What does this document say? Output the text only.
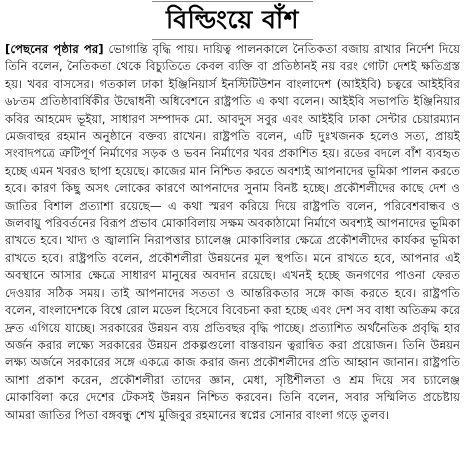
বিল্ডিংয়ে বাঁশ

[পেছনের পৃষ্ঠার পর] ভোগান্তি বৃদ্ধি পায়। দায়িত্ব পালনকালে নৈতিকতা বজায় রাখার নির্দেশ দিয়ে তিনি বলেন, নৈতিকতা থেকে বিচ্যুতিতে কেবল ব্যক্তি বা প্রতিষ্ঠানই নয় বরং গোটা দেশই ক্ষতিগ্রস্ত হয়। খবর বাসসের। গতকাল ঢাকা ইঞ্জিনিয়ার্স ইনস্টিটিউশন বাংলাদেশ (আইইবি) চত্বরে আইইবির ৬৮তম প্রতিষ্ঠাবার্ষিকীর উদ্বোধনী অধিবেশনে রাষ্ট্রপতি এ কথা বলেন। আইইবি সভাপতি ইঞ্জিনিয়ার কবির আহমেদ ভূইয়া, সাধারণ সম্পাদক মো. আবদুস সবুর এবং আইইবি ঢাকা সেন্টার চেয়ারম্যান মেজবাহুর রহমান অনুষ্ঠানে বক্তব্য রাখেন। রাষ্ট্রপতি বলেন, এটি দুঃখজনক হলেও সত্য, প্রায়ই সংবাদপত্রে ত্রুটিপূর্ণ নির্মাণের সড়ক ও ভবন নির্মাণের খবর প্রকাশিত হয়। রডের বদলে বাঁশ ব্যবহৃত হচ্ছে এমন খবরও ছাপা হয়েছে। কাজের মান নিশ্চিত করতে অবশ্যই আপনাদের ভূমিকা পালন করতে হবে। কারণ কিছু অসৎ লোকের কারণে আপনাদের সুনাম বিনষ্ট হচ্ছে। প্রকৌশলীদের কাছে দেশ ও জাতির বিশাল প্রত্যাশা রয়েছে— এ কথা স্মরণ করিয়ে দিয়ে রাষ্ট্রপতি বলেন, পরিবেশবান্ধব ও জলবায়ু পরিবর্তনের বিরূপ প্রভাব মোকাবিলায় সক্ষম অবকাঠামো নির্মাণে অবশ্যই আপনাদের ভূমিকা রাখতে হবে। খাদ্য ও জ্বালানি নিরাপত্তার চ্যালেঞ্জ মোকাবিলার ক্ষেত্রে প্রকৌশলীদের কার্যকর ভূমিকা রাখতে হবে। রাষ্ট্রপতি বলেন, প্রকৌশলীরা উন্নয়নের মূল স্থপতি। মনে রাখতে হবে, আপনার এই অবস্থানে আসার ক্ষেত্রে সাধারণ মানুষের অবদান রয়েছে। এখনই হচ্ছে জনগণের পাওনা ফেরত দেওয়ার সঠিক সময়। তাই আপনাদের সততা ও আন্তরিকতার সঙ্গে কাজ করতে হবে। রাষ্ট্রপতি বলেন, বাংলাদেশকে বিশ্বে রোল মডেল হিসেবে বিবেচনা করা হচ্ছে এবং দেশ সব বাধা অতিক্রম করে দ্রুত এগিয়ে যাচ্ছে। সরকারের উন্নয়ন ব্যয় প্রতিবছর বৃদ্ধি পাচ্ছে। প্রত্যাশিত অর্থনৈতিক প্রবৃদ্ধি হার অর্জন করার লক্ষ্যে সরকারের উন্নয়ন প্রকল্পগুলো বাস্তবায়ন ত্বরান্বিত করা প্রয়োজন। তিনি উন্নয়ন লক্ষ্য অর্জনে সরকারের সঙ্গে একত্রে কাজ করার জন্য প্রকৌশলীদের প্রতি আহ্বান জানান। রাষ্ট্রপতি আশা প্রকাশ করেন, প্রকৌশলীরা তাদের জ্ঞান, মেধা, সৃষ্টিশীলতা ও শ্রম দিয়ে সব চ্যালেঞ্জ মোকাবিলা করে দেশের টেকসই উন্নয়ন নিশ্চিত করবেন। তিনি বলেন, সবার সম্মিলিত প্রচেষ্টায় আমরা জাতির পিতা বঙ্গবন্ধু শেখ মুজিবুর রহমানের স্বপ্নের সোনার বাংলা গড়ে তুলব।
